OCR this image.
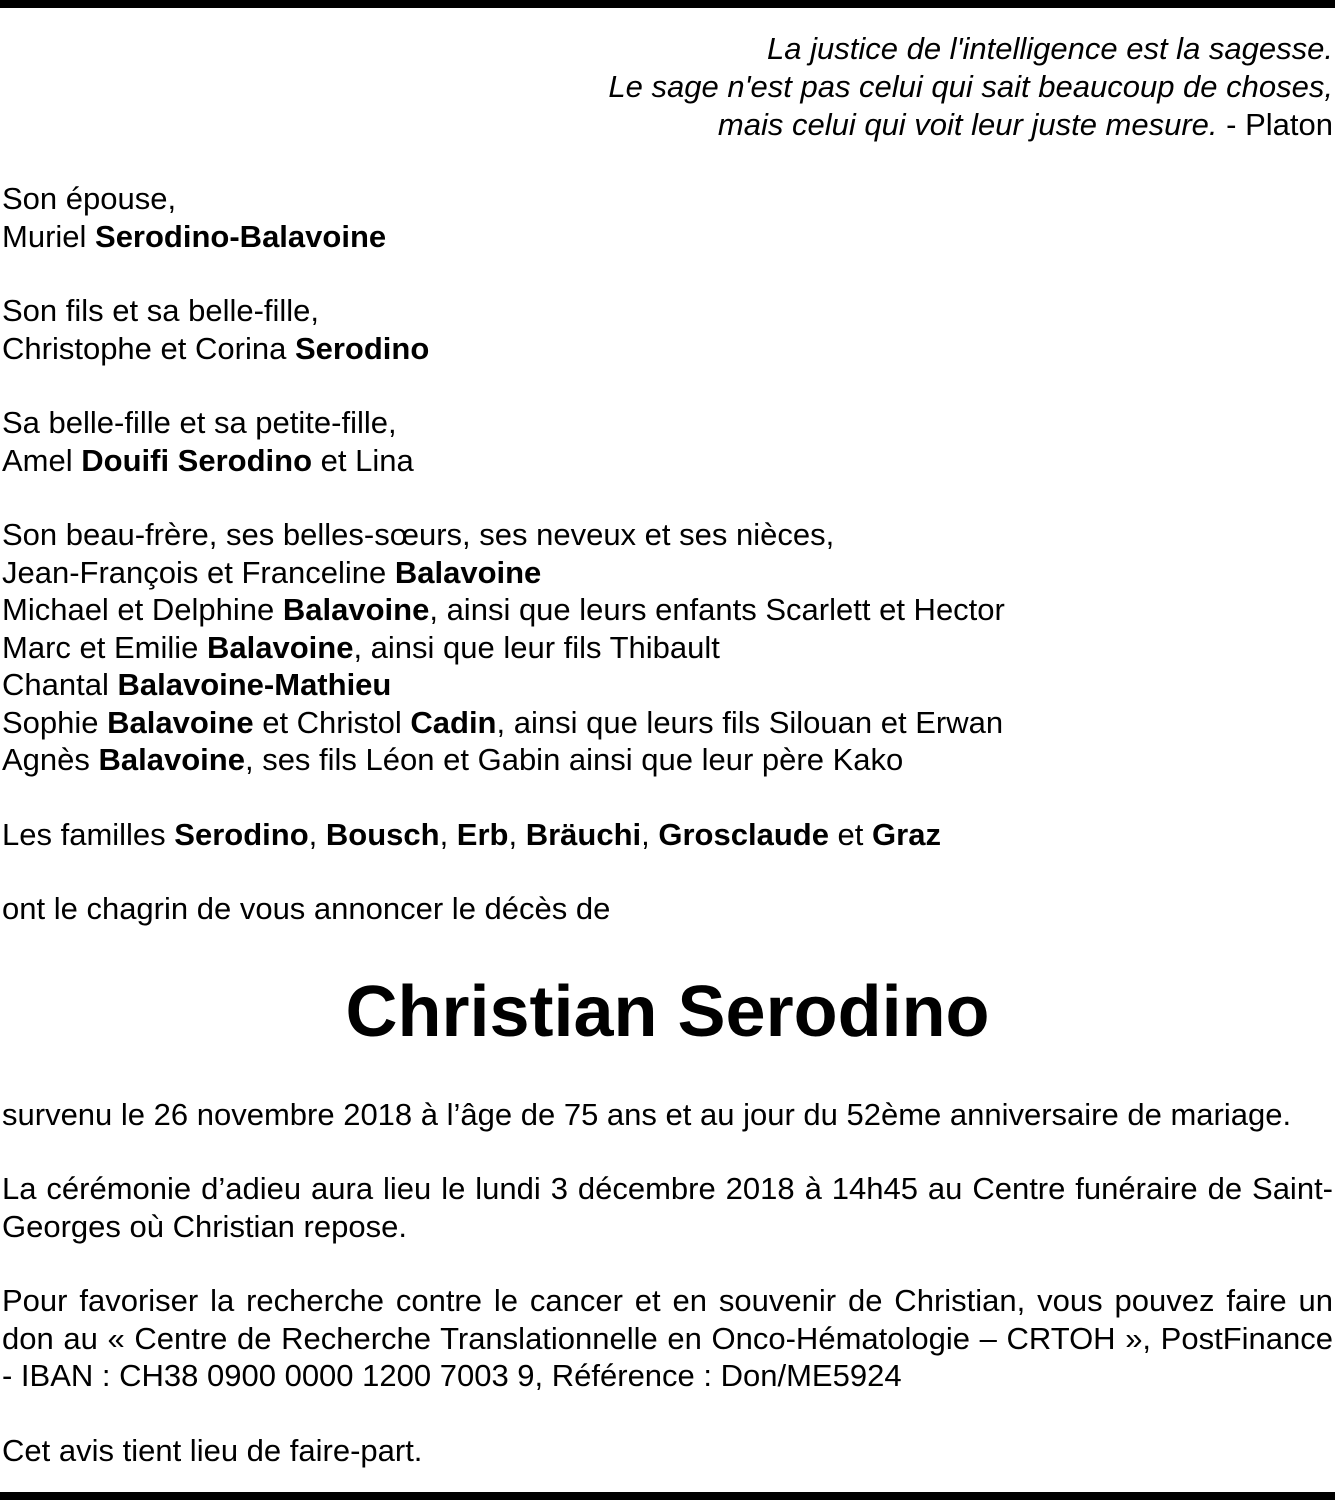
La justice de l'intelligence est la sagesse.
Le sage n'est pas celui qui sait beaucoup de choses,
mais celui qui voit leur juste mesure. - Platon
Son épouse,
Muriel Serodino-Balavoine
Son fils et sa belle-fille,
Christophe et Corina Serodino
Sa belle-fille et sa petite-fille,
Amel Douifi Serodino et Lina
Son beau-frère, ses belles-sœurs, ses neveux et ses nièces,
Jean-François et Franceline Balavoine
Michael et Delphine Balavoine, ainsi que leurs enfants Scarlett et Hector
Marc et Emilie Balavoine, ainsi que leur fils Thibault
Chantal Balavoine-Mathieu
Sophie Balavoine et Christol Cadin, ainsi que leurs fils Silouan et Erwan
Agnès Balavoine, ses fils Léon et Gabin ainsi que leur père Kako
Les familles Serodino, Bousch, Erb, Bräuchi, Grosclaude et Graz
ont le chagrin de vous annoncer le décès de
Christian Serodino
survenu le 26 novembre 2018 à l’âge de 75 ans et au jour du 52ème anniversaire de mariage.
La cérémonie d’adieu aura lieu le lundi 3 décembre 2018 à 14h45 au Centre funéraire de Saint-Georges où Christian repose.
Pour favoriser la recherche contre le cancer et en souvenir de Christian, vous pouvez faire un don au « Centre de Recherche Translationnelle en Onco-Hématologie – CRTOH », PostFinance - IBAN : CH38 0900 0000 1200 7003 9, Référence : Don/ME5924
Cet avis tient lieu de faire-part.
